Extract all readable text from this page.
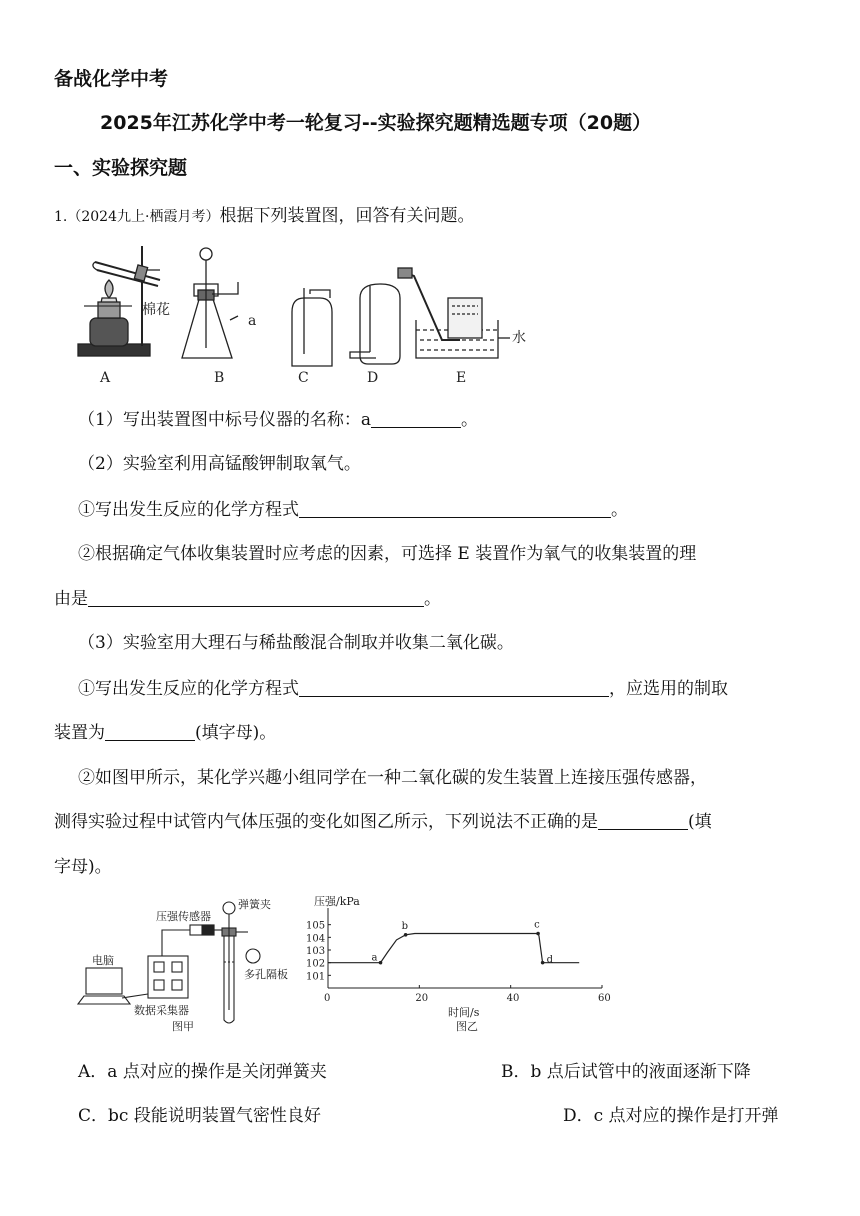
备战化学中考
2025年江苏化学中考一轮复习--实验探究题精选题专项（20题）
一、实验探究题
1.（2024九上·栖霞月考）根据下列装置图，回答有关问题。
棉花
a
水
A	B	C	D	E
（1）写出装置图中标号仪器的名称：a	。
（2）实验室利用高锰酸钾制取氧气。
①写出发生反应的化学方程式	。
②根据确定气体收集装置时应考虑的因素，可选择 E 装置作为氧气的收集装置的理
由是	。
（3）实验室用大理石与稀盐酸混合制取并收集二氧化碳。
①写出发生反应的化学方程式	，应选用的制取
装置为	(填字母)。
②如图甲所示，某化学兴趣小组同学在一种二氧化碳的发生装置上连接压强传感器，
测得实验过程中试管内气体压强的变化如图乙所示，下列说法不正确的是	(填
字母)。
电脑
压强传感器
弹簧夹
数据采集器
多孔隔板
图甲	图乙
压强/kPa
时间/s
0	20	40	60
101
102
103
104
105
a
b	c
d
A．a 点对应的操作是关闭弹簧夹	B．b 点后试管中的液面逐渐下降
C．bc 段能说明装置气密性良好	D．c 点对应的操作是打开弹
